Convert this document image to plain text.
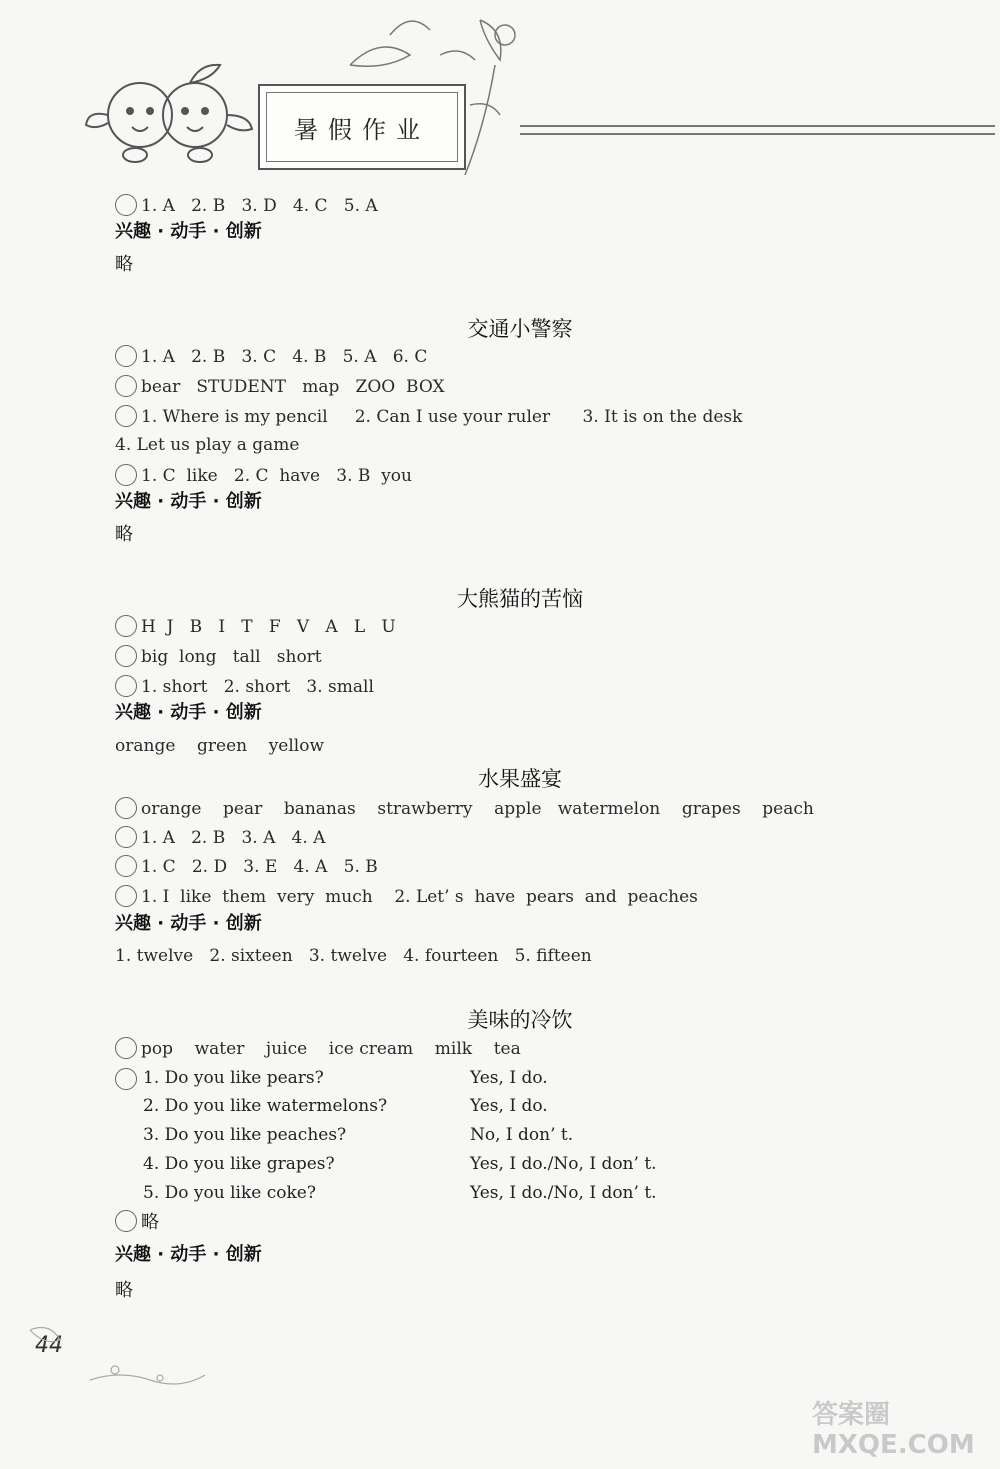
暑假作业
1. A   2. B   3. D   4. C   5. A
兴趣 · 动手 · 创新
略
交通小警察
1. A   2. B   3. C   4. B   5. A   6. C
bear   STUDENT   map   ZOO  BOX
1. Where is my pencil     2. Can I use your ruler      3. It is on the desk
4. Let us play a game
1. C  like   2. C  have   3. B  you
兴趣 · 动手 · 创新
略
大熊猫的苦恼
H  J   B   I   T   F   V   A   L   U
big  long   tall   short
1. short   2. short   3. small
兴趣 · 动手 · 创新
orange    green    yellow
水果盛宴
orange    pear    bananas    strawberry    apple   watermelon    grapes    peach
1. A   2. B   3. A   4. A
1. C   2. D   3. E   4. A   5. B
1. I  like  them  very  much    2. Let’ s  have  pears  and  peaches
兴趣 · 动手 · 创新
1. twelve   2. sixteen   3. twelve   4. fourteen   5. fifteen
美味的冷饮
pop    water    juice    ice cream    milk    tea
1. Do you like pears?	Yes, I do.
2. Do you like watermelons?	Yes, I do.
3. Do you like peaches?	No, I don’ t.
4. Do you like grapes?	Yes, I do./No, I don’ t.
5. Do you like coke?	Yes, I do./No, I don’ t.
略
兴趣 · 动手 · 创新
略
44
答案圈 MXQE.COM
